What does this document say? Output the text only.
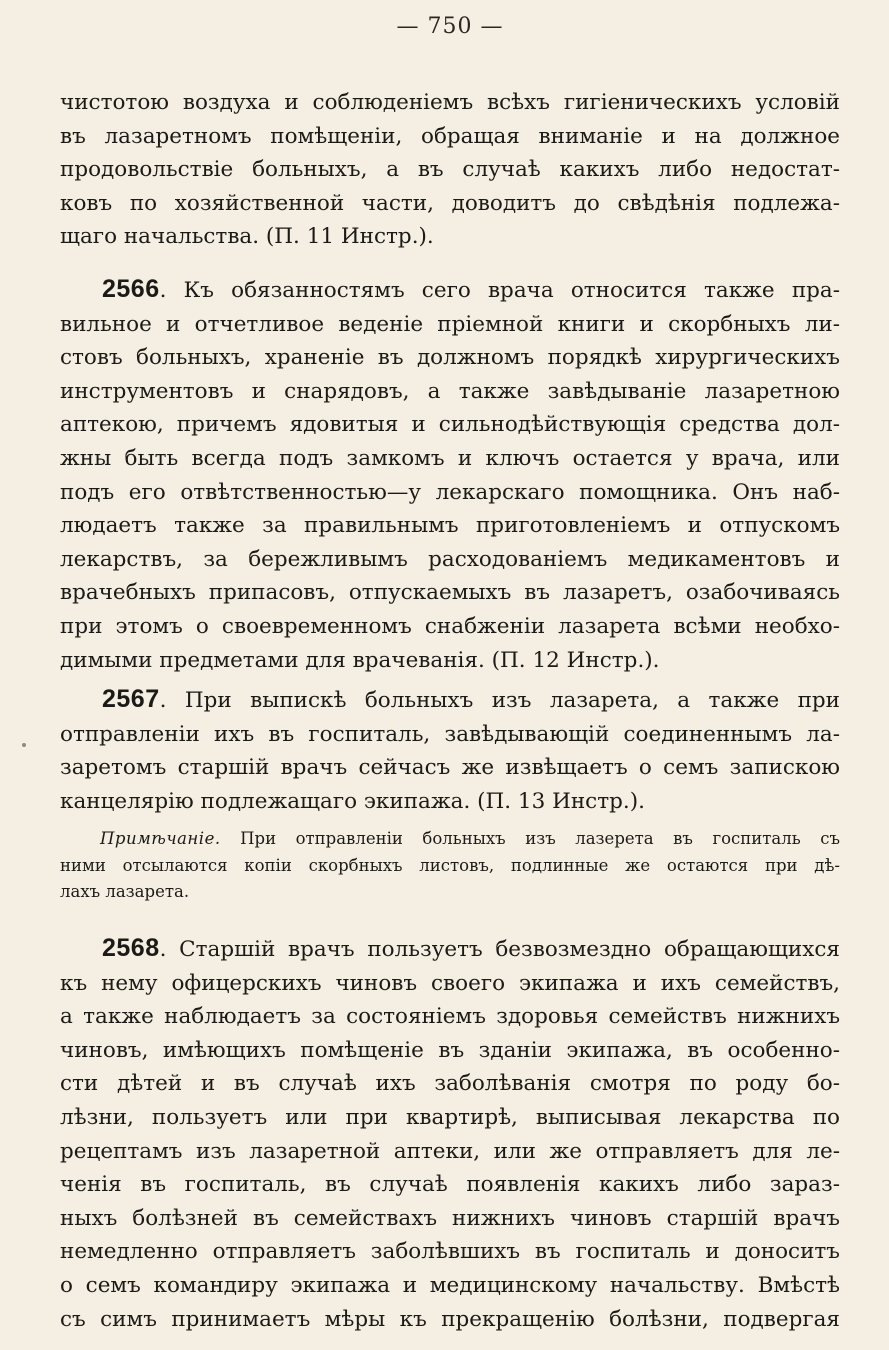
— 750 —
чистотою воздуха и соблюденіемъ всѣхъ гигіеническихъ условій
въ лазаретномъ помѣщеніи, обращая вниманіе и на должное
продовольствіе больныхъ, а въ случаѣ какихъ либо недостат-
ковъ по хозяйственной части, доводитъ до свѣдѣнія подлежа-
щаго начальства. (П. 11 Инстр.).
2566. Къ обязанностямъ сего врача относится также пра-
вильное и отчетливое веденіе пріемной книги и скорбныхъ ли-
стовъ больныхъ, храненіе въ должномъ порядкѣ хирургическихъ
инструментовъ и снарядовъ, а также завѣдываніе лазаретною
аптекою, причемъ ядовитыя и сильнодѣйствующія средства дол-
жны быть всегда подъ замкомъ и ключъ остается у врача, или
подъ его отвѣтственностью—у лекарскаго помощника. Онъ наб-
людаетъ также за правильнымъ приготовленіемъ и отпускомъ
лекарствъ, за бережливымъ расходованіемъ медикаментовъ и
врачебныхъ припасовъ, отпускаемыхъ въ лазаретъ, озабочиваясь
при этомъ о своевременномъ снабженіи лазарета всѣми необхо-
димыми предметами для врачеванія. (П. 12 Инстр.).
2567. При выпискѣ больныхъ изъ лазарета, а также при
отправленіи ихъ въ госпиталь, завѣдывающій соединеннымъ ла-
заретомъ старшій врачъ сейчасъ же извѣщаетъ о семъ запискою
канцелярію подлежащаго экипажа. (П. 13 Инстр.).
Примѣчаніе. При отправленіи больныхъ изъ лазерета въ госпиталь съ
ними отсылаются копіи скорбныхъ листовъ, подлинные же остаются при дѣ-
лахъ лазарета.
2568. Старшій врачъ пользуетъ безвозмездно обращающихся
къ нему офицерскихъ чиновъ своего экипажа и ихъ семействъ,
а также наблюдаетъ за состояніемъ здоровья семействъ нижнихъ
чиновъ, имѣющихъ помѣщеніе въ зданіи экипажа, въ особенно-
сти дѣтей и въ случаѣ ихъ заболѣванія смотря по роду бо-
лѣзни, пользуетъ или при квартирѣ, выписывая лекарства по
рецептамъ изъ лазаретной аптеки, или же отправляетъ для ле-
ченія въ госпиталь, въ случаѣ появленія какихъ либо зараз-
ныхъ болѣзней въ семействахъ нижнихъ чиновъ старшій врачъ
немедленно отправляетъ заболѣвшихъ въ госпиталь и доноситъ
о семъ командиру экипажа и медицинскому начальству. Вмѣстѣ
съ симъ принимаетъ мѣры къ прекращенію болѣзни, подвергая
